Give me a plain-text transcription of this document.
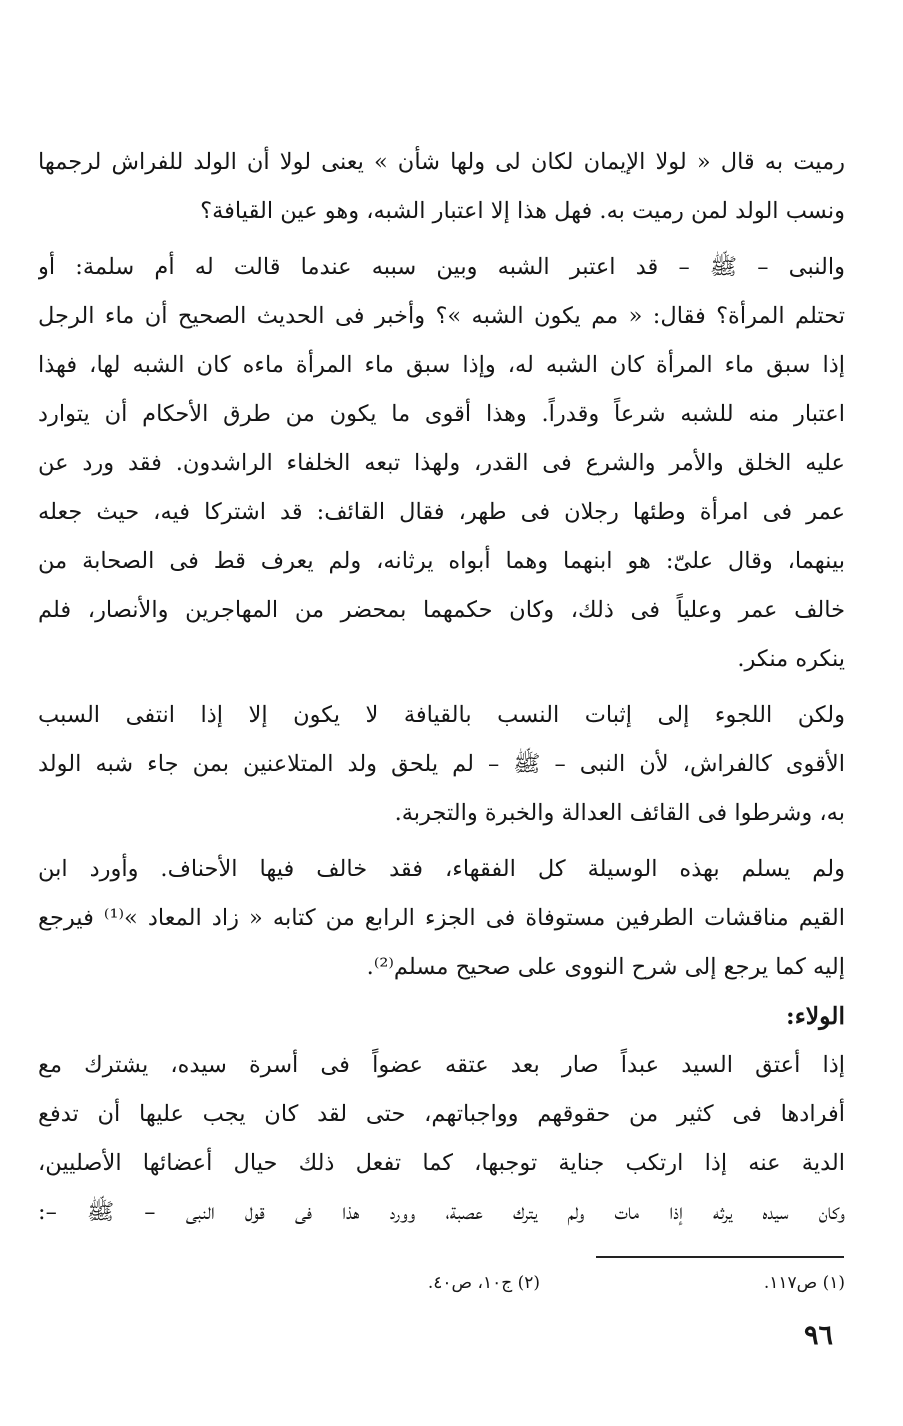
رميت به قال « لولا الإيمان لكان لى ولها شأن » يعنى لولا أن الولد للفراش لرجمها
ونسب الولد لمن رميت به. فهل هذا إلا اعتبار الشبه، وهو عين القيافة؟
والنبى – ﷺ – قد اعتبر الشبه وبين سببه عندما قالت له أم سلمة: أو
تحتلم المرأة؟ فقال: « مم يكون الشبه »؟ وأخبر فى الحديث الصحيح أن ماء الرجل
إذا سبق ماء المرأة كان الشبه له، وإذا سبق ماء المرأة ماءه كان الشبه لها، فهذا
اعتبار منه للشبه شرعاً وقدراً. وهذا أقوى ما يكون من طرق الأحكام أن يتوارد
عليه الخلق والأمر والشرع فى القدر، ولهذا تبعه الخلفاء الراشدون. فقد ورد عن
عمر فى امرأة وطئها رجلان فى طهر، فقال القائف: قد اشتركا فيه، حيث جعله
بينهما، وقال علىّ: هو ابنهما وهما أبواه يرثانه، ولم يعرف قط فى الصحابة من
خالف عمر وعلياً فى ذلك، وكان حكمهما بمحضر من المهاجرين والأنصار، فلم
ينكره منكر.
ولكن اللجوء إلى إثبات النسب بالقيافة لا يكون إلا إذا انتفى السبب
الأقوى كالفراش، لأن النبى – ﷺ – لم يلحق ولد المتلاعنين بمن جاء شبه الولد
به، وشرطوا فى القائف العدالة والخبرة والتجربة.
ولم يسلم بهذه الوسيلة كل الفقهاء، فقد خالف فيها الأحناف. وأورد ابن
القيم مناقشات الطرفين مستوفاة فى الجزء الرابع من كتابه « زاد المعاد »⁽¹⁾ فيرجع
إليه كما يرجع إلى شرح النووى على صحيح مسلم⁽²⁾.
الولاء:
إذا أعتق السيد عبداً صار بعد عتقه عضواً فى أسرة سيده، يشترك مع
أفرادها فى كثير من حقوقهم وواجباتهم، حتى لقد كان يجب عليها أن تدفع
الدية عنه إذا ارتكب جناية توجبها، كما تفعل ذلك حيال أعضائها الأصليين،
وكان سيده يرثه إذا مات ولم يترك عصبة، وورد هذا فى قول النبى – ﷺ –:
(١) ص١١٧.
(٢) ج١٠، ص٤٠.
٩٦
